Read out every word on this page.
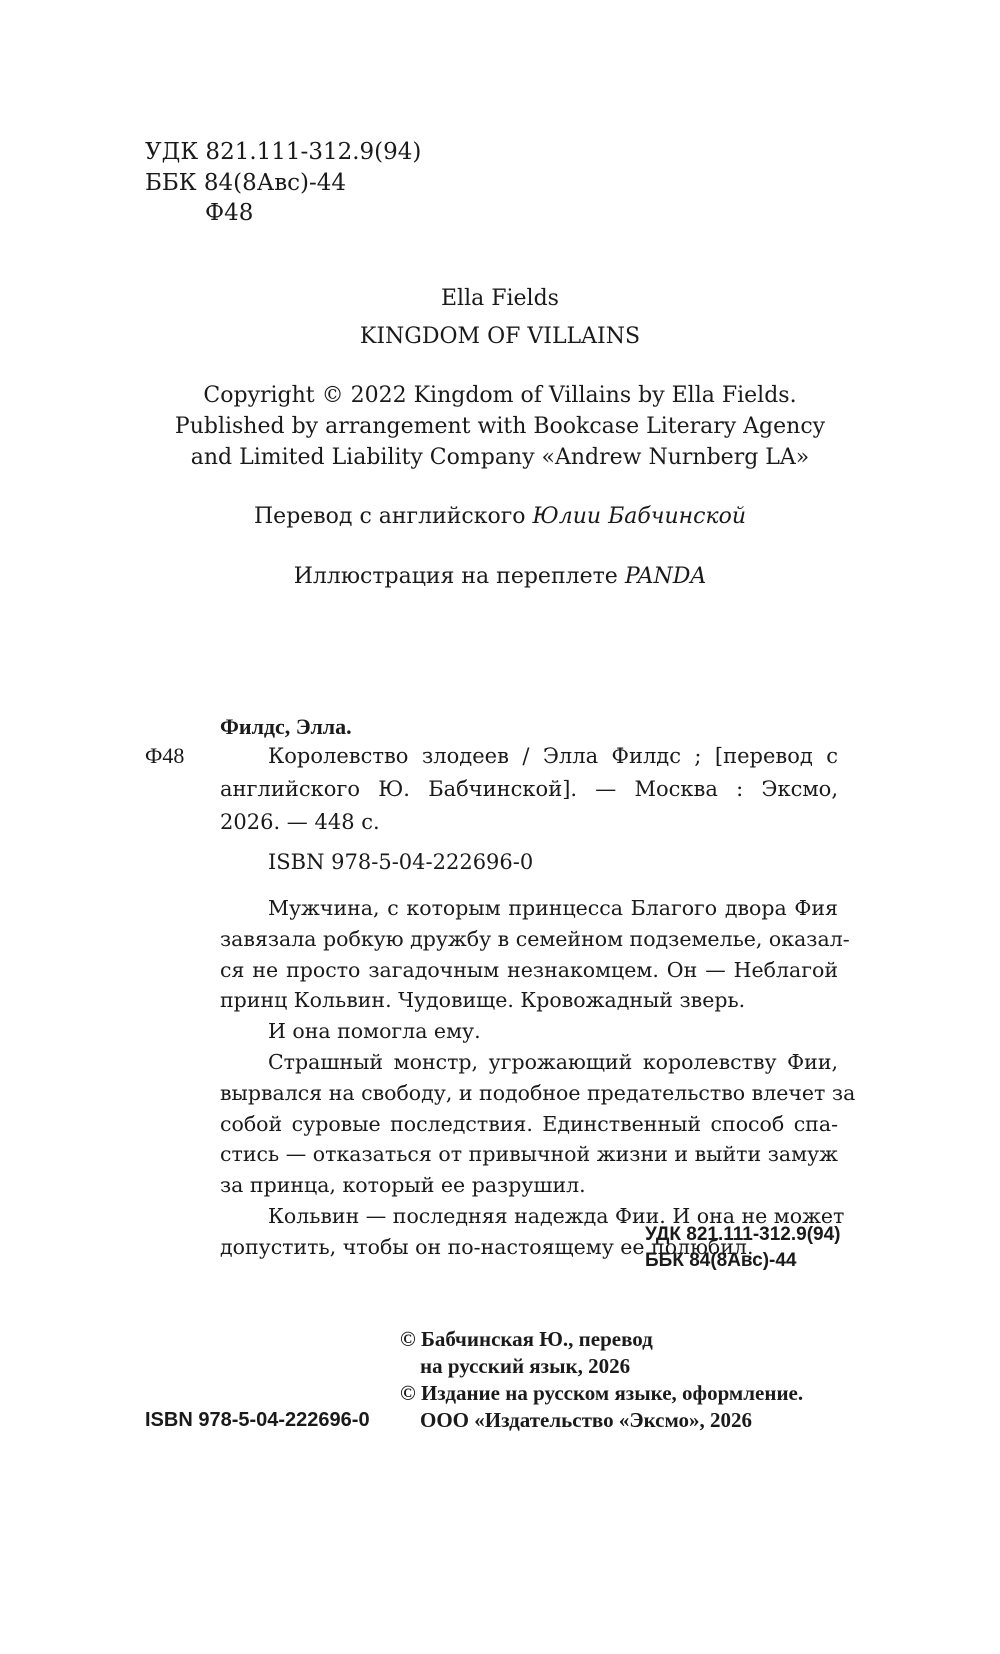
УДК 821.111-312.9(94)
ББК 84(8Авс)-44
Ф48
Ella Fields
KINGDOM OF VILLAINS
Copyright © 2022 Kingdom of Villains by Ella Fields.
Published by arrangement with Bookcase Literary Agency
and Limited Liability Company «Andrew Nurnberg LA»
Перевод с английского Юлии Бабчинской
Иллюстрация на переплете PANDA
Филдс, Элла.
Ф48	Королевство злодеев / Элла Филдс ; [перевод с
английского Ю. Бабчинской]. — Москва : Эксмо,
2026. — 448 с.
ISBN 978-5-04-222696-0

Мужчина, с которым принцесса Благого двора Фия
завязала робкую дружбу в семейном подземелье, оказал-
ся не просто загадочным незнакомцем. Он — Неблагой
принц Кольвин. Чудовище. Кровожадный зверь.

И она помогла ему.

Страшный монстр, угрожающий королевству Фии,
вырвался на свободу, и подобное предательство влечет за
собой суровые последствия. Единственный способ спа-
стись — отказаться от привычной жизни и выйти замуж
за принца, который ее разрушил.

Кольвин — последняя надежда Фии. И она не может
допустить, чтобы он по-настоящему ее полюбил.

УДК 821.111-312.9(94)
ББК 84(8Авс)-44
© Бабчинская Ю., перевод
на русский язык, 2026
© Издание на русском языке, оформление.
ООО «Издательство «Эксмо», 2026
ISBN 978-5-04-222696-0
